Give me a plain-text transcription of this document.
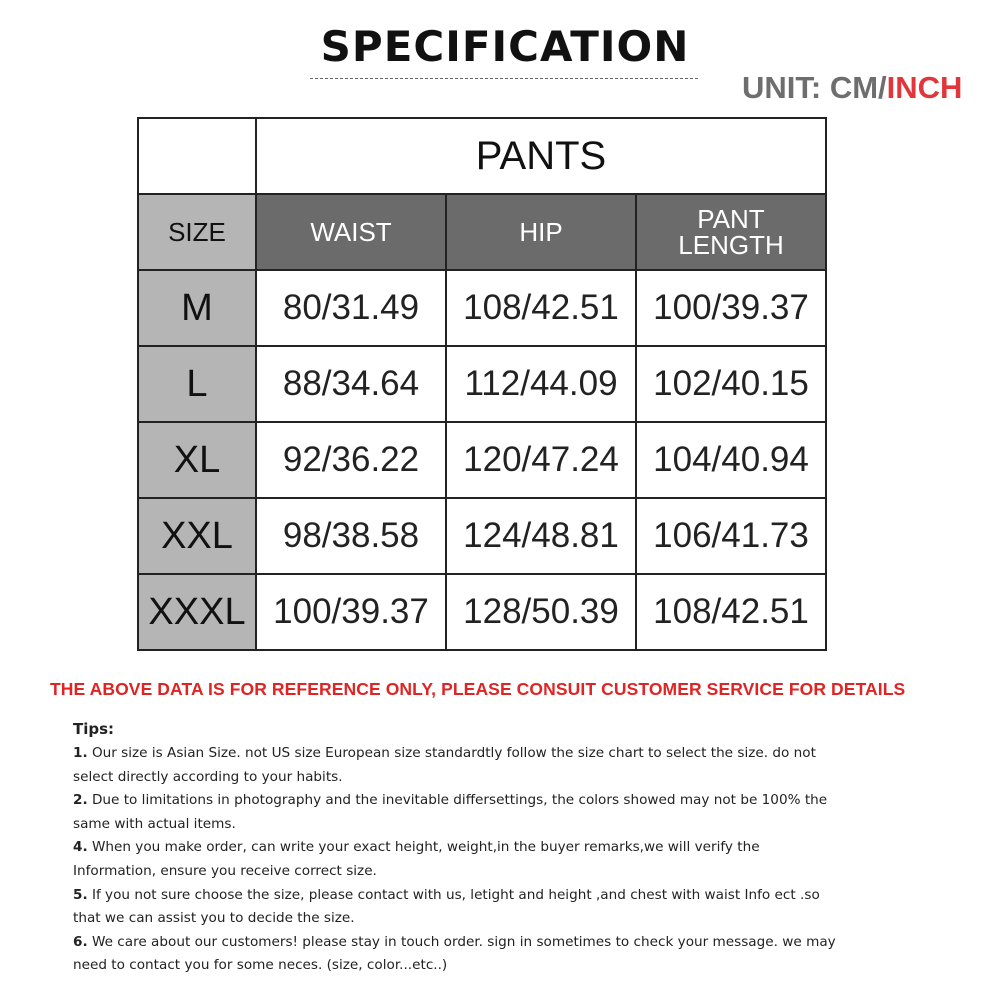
SPECIFICATION
UNIT: CM/INCH
	PANTS		
SIZE	WAIST	HIP	PANT
LENGTH
M	80/31.49	108/42.51	100/39.37
L	88/34.64	112/44.09	102/40.15
XL	92/36.22	120/47.24	104/40.94
XXL	98/38.58	124/48.81	106/41.73
XXXL	100/39.37	128/50.39	108/42.51
THE ABOVE DATA IS FOR REFERENCE ONLY, PLEASE CONSUIT CUSTOMER SERVICE FOR DETAILS
Tips:

1. Our size is Asian Size. not US size European size standardtly follow the size chart to select the size. do not select directly according to your habits.

2. Due to limitations in photography and the inevitable differsettings, the colors showed may not be 100% the same with actual items.

4. When you make order, can write your exact height, weight,in the buyer remarks,we will verify the Information, ensure you receive correct size.

5. If you not sure choose the size, please contact with us, letight and height ,and chest with waist Info ect .so that we can assist you to decide the size.

6. We care about our customers! please stay in touch order. sign in sometimes to check your message. we may need to contact you for some neces. (size, color...etc..)
